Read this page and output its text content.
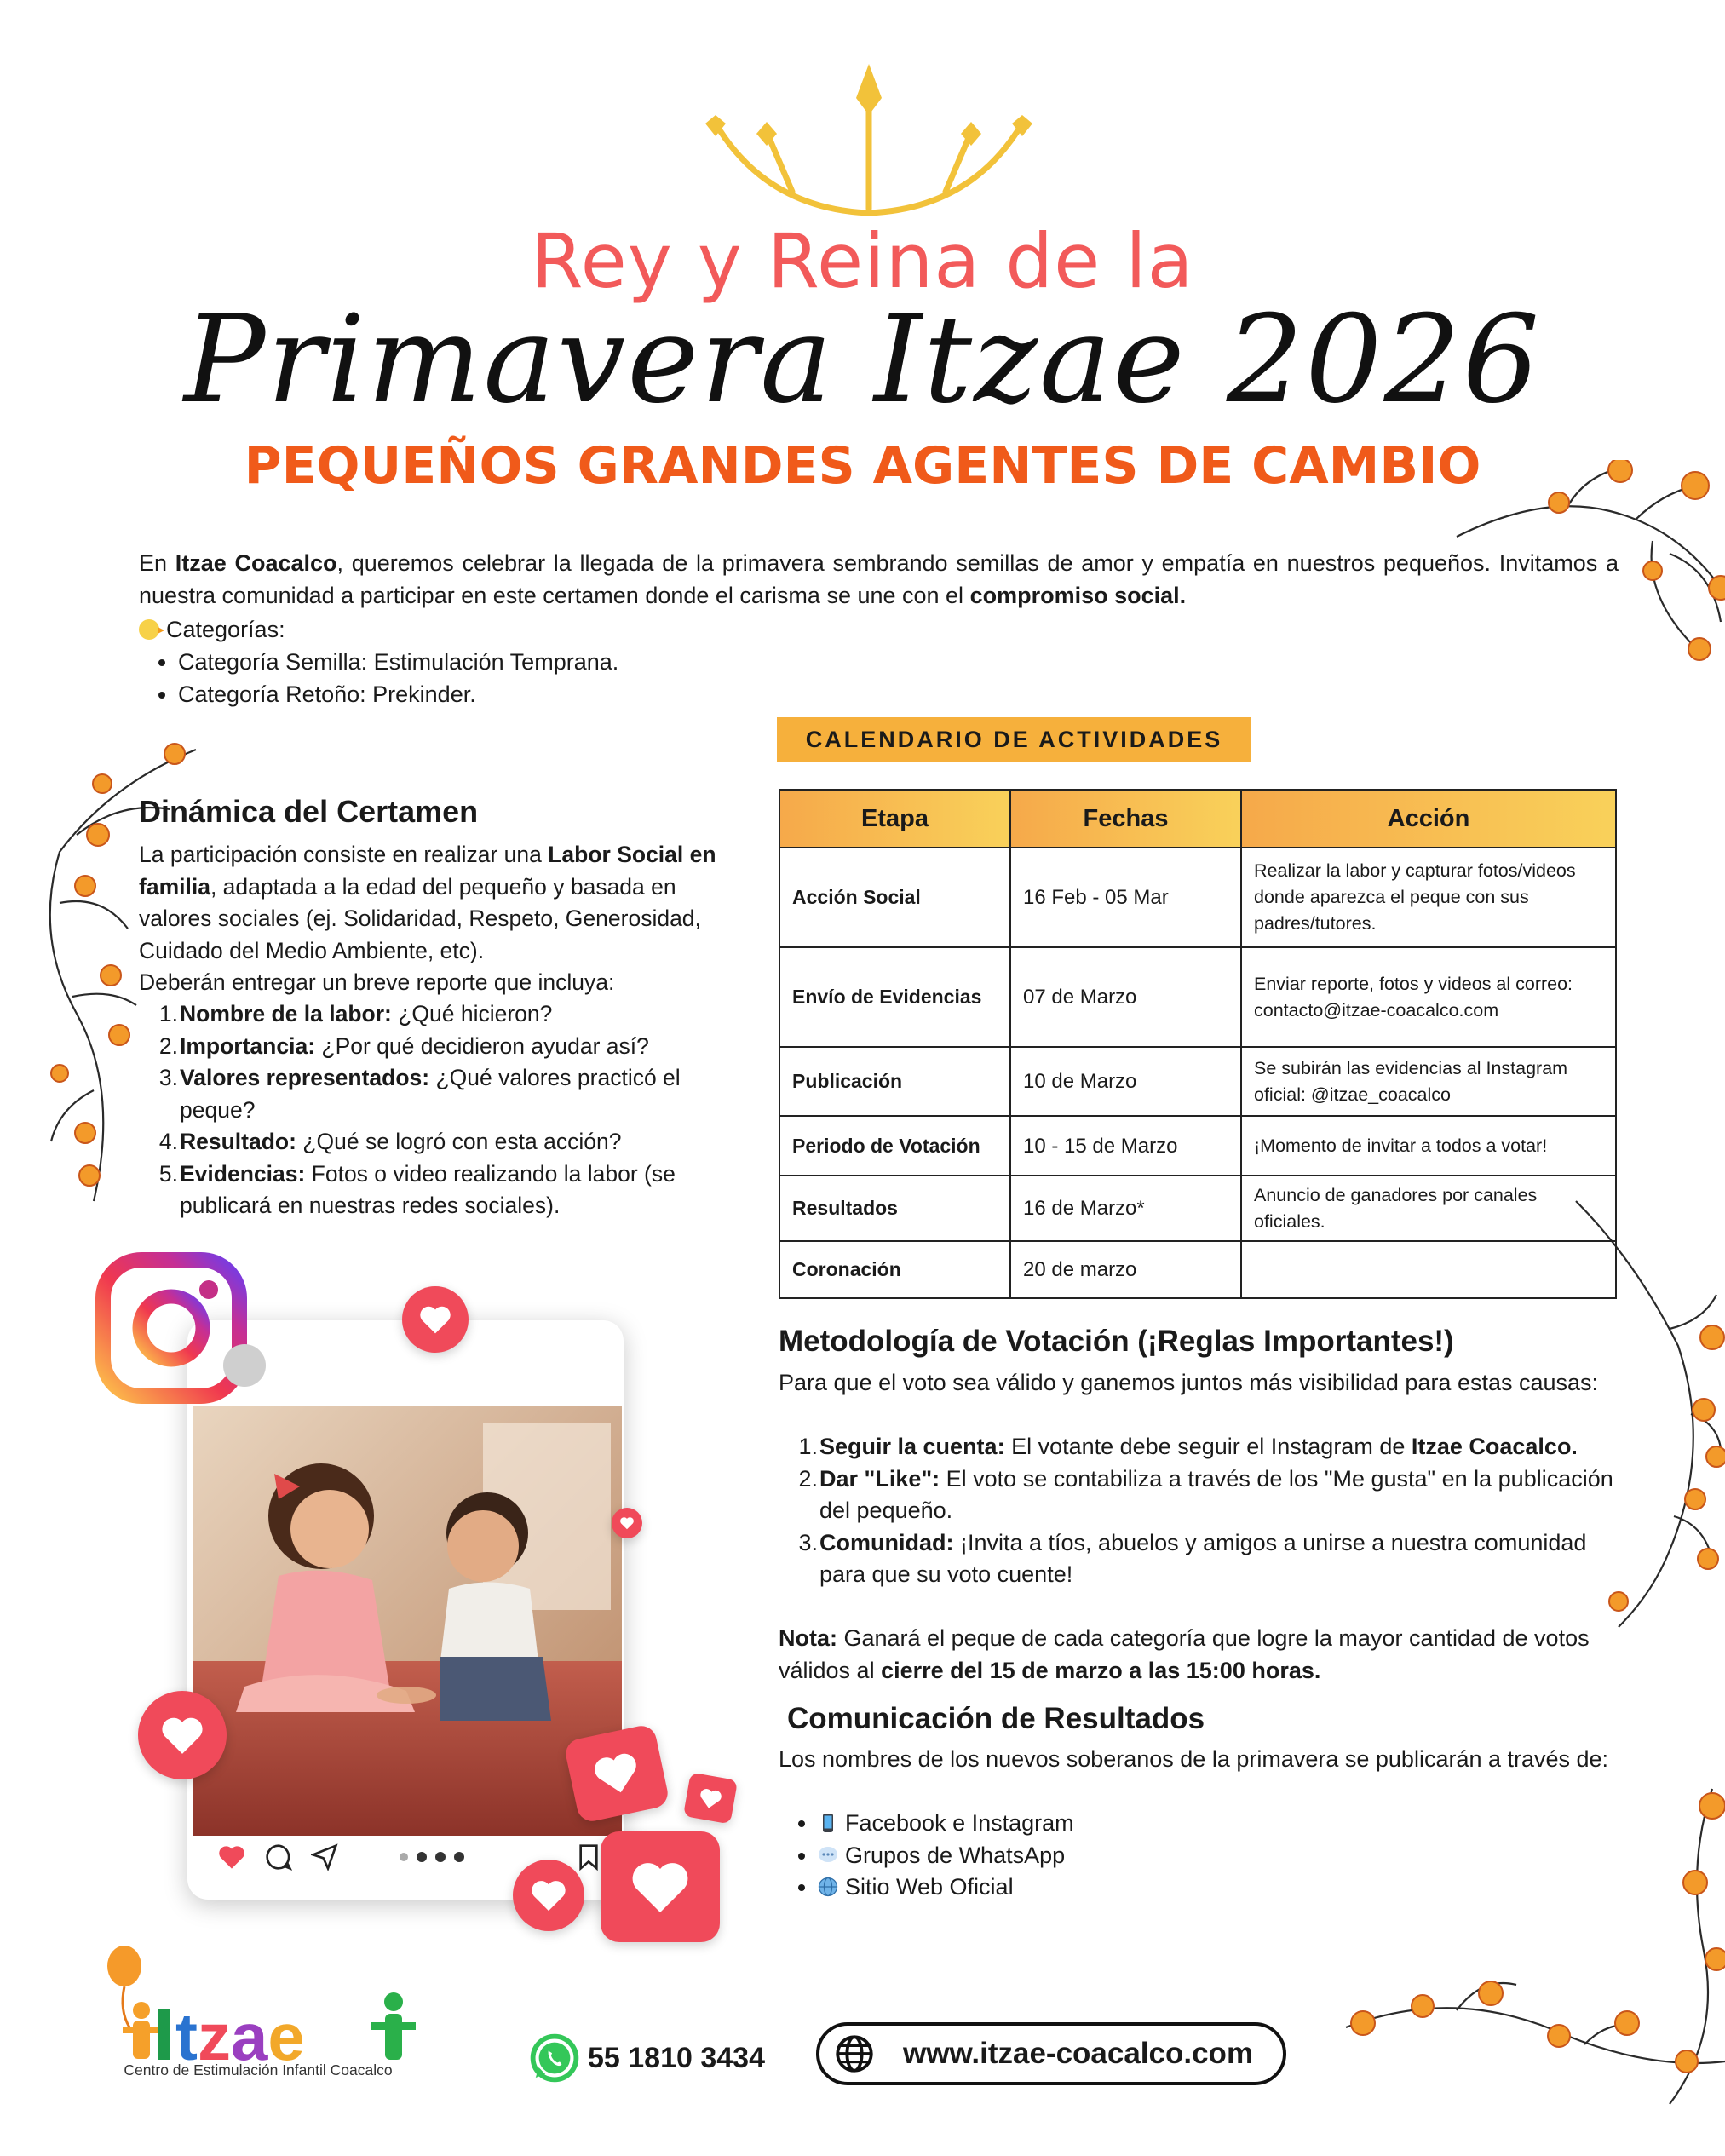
Rey y Reina de la
Primavera Itzae 2026
PEQUEÑOS GRANDES AGENTES DE CAMBIO
En Itzae Coacalco, queremos celebrar la llegada de la primavera sembrando semillas de amor y empatía en nuestros pequeños. Invitamos a nuestra comunidad a participar en este certamen donde el carisma se une con el compromiso social.
Categorías:
• Categoría Semilla: Estimulación Temprana.
• Categoría Retoño: Prekinder.
Dinámica del Certamen
La participación consiste en realizar una Labor Social en familia, adaptada a la edad del pequeño y basada en valores sociales (ej. Solidaridad, Respeto, Generosidad, Cuidado del Medio Ambiente, etc).
Deberán entregar un breve reporte que incluya:
1. Nombre de la labor: ¿Qué hicieron?
2. Importancia: ¿Por qué decidieron ayudar así?
3. Valores representados: ¿Qué valores practicó el peque?
4. Resultado: ¿Qué se logró con esta acción?
5. Evidencias: Fotos o video realizando la labor (se publicará en nuestras redes sociales).
CALENDARIO DE ACTIVIDADES
Etapa	Fechas	Acción
Acción Social	16 Feb - 05 Mar	Realizar la labor y capturar fotos/videos donde aparezca el peque con sus padres/tutores.
Envío de Evidencias	07 de Marzo	Enviar reporte, fotos y videos al correo: contacto@itzae-coacalco.com
Publicación	10 de Marzo	Se subirán las evidencias al Instagram oficial: @itzae_coacalco
Periodo de Votación	10 - 15 de Marzo	¡Momento de invitar a todos a votar!
Resultados	16 de Marzo*	Anuncio de ganadores por canales oficiales.
Coronación	20 de marzo	
Metodología de Votación (¡Reglas Importantes!)
Para que el voto sea válido y ganemos juntos más visibilidad para estas causas:
1. Seguir la cuenta: El votante debe seguir el Instagram de Itzae Coacalco.
2. Dar "Like": El voto se contabiliza a través de los "Me gusta" en la publicación del pequeño.
3. Comunidad: ¡Invita a tíos, abuelos y amigos a unirse a nuestra comunidad para que su voto cuente!
Nota: Ganará el peque de cada categoría que logre la mayor cantidad de votos válidos al cierre del 15 de marzo a las 15:00 horas.
Comunicación de Resultados
Los nombres de los nuevos soberanos de la primavera se publicarán a través de:
• Facebook e Instagram
• Grupos de WhatsApp
• Sitio Web Oficial
tzae
Centro de Estimulación Infantil Coacalco	55 1810 3434	www.itzae-coacalco.com
